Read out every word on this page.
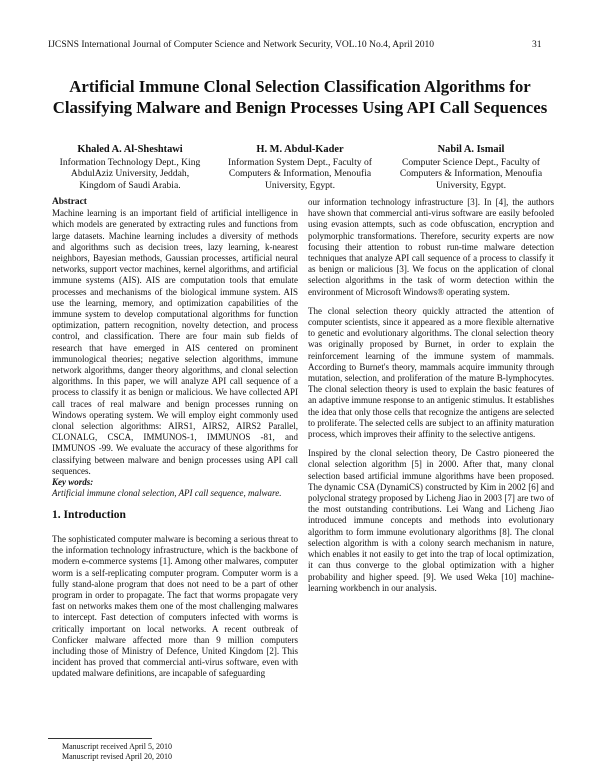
IJCSNS International Journal of Computer Science and Network Security, VOL.10 No.4, April 2010	31
Artificial Immune Clonal Selection Classification Algorithms for Classifying Malware and Benign Processes Using API Call Sequences
Khaled A. Al-Sheshtawi
Information Technology Dept., King
AbdulAziz University, Jeddah,
Kingdom of Saudi Arabia.
H. M. Abdul-Kader
Information System Dept., Faculty of
Computers & Information, Menoufia
University, Egypt.
Nabil A. Ismail
Computer Science Dept., Faculty of
Computers & Information, Menoufia
University, Egypt.
Abstract
Machine learning is an important field of artificial intelligence in which models are generated by extracting rules and functions from large datasets. Machine learning includes a diversity of methods and algorithms such as decision trees, lazy learning, k-nearest neighbors, Bayesian methods, Gaussian processes, artificial neural networks, support vector machines, kernel algorithms, and artificial immune systems (AIS). AIS are computation tools that emulate processes and mechanisms of the biological immune system. AIS use the learning, memory, and optimization capabilities of the immune system to develop computational algorithms for function optimization, pattern recognition, novelty detection, and process control, and classification. There are four main sub fields of research that have emerged in AIS centered on prominent immunological theories; negative selection algorithms, immune network algorithms, danger theory algorithms, and clonal selection algorithms. In this paper, we will analyze API call sequence of a process to classify it as benign or malicious. We have collected API call traces of real malware and benign processes running on Windows operating system. We will employ eight commonly used clonal selection algorithms: AIRS1, AIRS2, AIRS2 Parallel, CLONALG, CSCA, IMMUNOS-1, IMMUNOS -81, and IMMUNOS -99. We evaluate the accuracy of these algorithms for classifying between malware and benign processes using API call sequences.
Key words:
Artificial immune clonal selection, API call sequence, malware.
1. Introduction

The sophisticated computer malware is becoming a serious threat to the information technology infrastructure, which is the backbone of modern e-commerce systems [1]. Among other malwares, computer worm is a self-replicating computer program. Computer worm is a fully stand-alone program that does not need to be a part of other program in order to propagate. The fact that worms propagate very fast on networks makes them one of the most challenging malwares to intercept. Fast detection of computers infected with worms is critically important on local networks. A recent outbreak of Conficker malware affected more than 9 million computers including those of Ministry of Defence, United Kingdom [2]. This incident has proved that commercial anti-virus software, even with updated malware definitions, are incapable of safeguarding

our information technology infrastructure [3]. In [4], the authors have shown that commercial anti-virus software are easily befooled using evasion attempts, such as code obfuscation, encryption and polymorphic transformations. Therefore, security experts are now focusing their attention to robust run-time malware detection techniques that analyze API call sequence of a process to classify it as benign or malicious [3]. We focus on the application of clonal selection algorithms in the task of worm detection within the environment of Microsoft Windows® operating system.

The clonal selection theory quickly attracted the attention of computer scientists, since it appeared as a more flexible alternative to genetic and evolutionary algorithms. The clonal selection theory was originally proposed by Burnet, in order to explain the reinforcement learning of the immune system of mammals. According to Burnet's theory, mammals acquire immunity through mutation, selection, and proliferation of the mature B-lymphocytes. The clonal selection theory is used to explain the basic features of an adaptive immune response to an antigenic stimulus. It establishes the idea that only those cells that recognize the antigens are selected to proliferate. The selected cells are subject to an affinity maturation process, which improves their affinity to the selective antigens.

Inspired by the clonal selection theory, De Castro pioneered the clonal selection algorithm [5] in 2000. After that, many clonal selection based artificial immune algorithms have been proposed. The dynamic CSA (DynamiCS) constructed by Kim in 2002 [6] and polyclonal strategy proposed by Licheng Jiao in 2003 [7] are two of the most outstanding contributions. Lei Wang and Licheng Jiao introduced immune concepts and methods into evolutionary algorithm to form immune evolutionary algorithms [8]. The clonal selection algorithm is with a colony search mechanism in nature, which enables it not easily to get into the trap of local optimization, it can thus converge to the global optimization with a higher probability and higher speed. [9]. We used Weka [10] machine-learning workbench in our analysis.

Manuscript received April 5, 2010
Manuscript revised April 20, 2010
